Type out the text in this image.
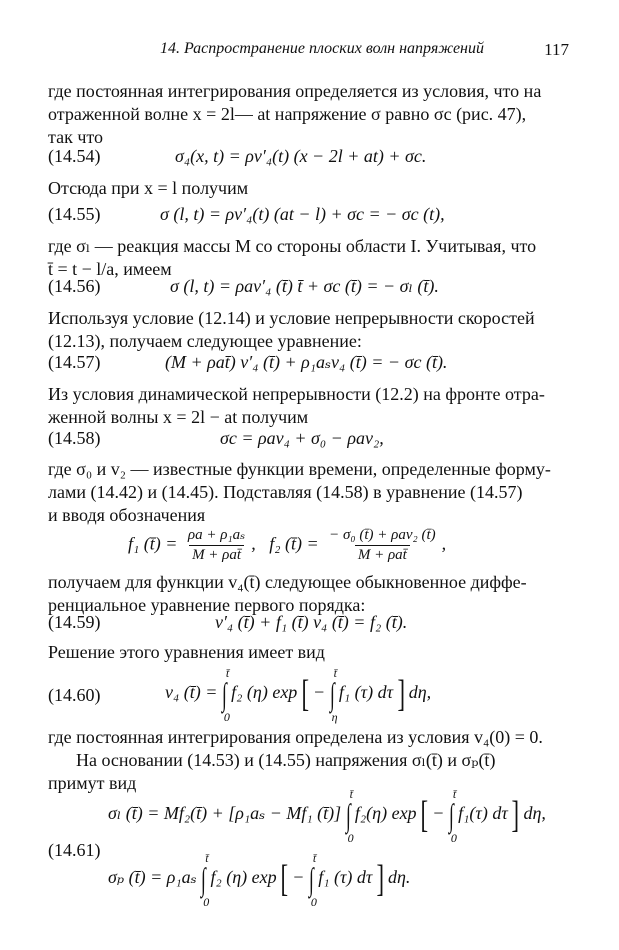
14. Распространение плоских волн напряжений	117
где постоянная интегрирования определяется из условия, что на
отраженной волне x = 2l— at напряжение σ равно σc (рис. 47),
так что
(14.54)	σ₄(x, t) = ρv′₄(t) (x − 2l + at) + σc.
Отсюда при x = l получим
(14.55)	σ (l, t) = ρv′₄(t) (at − l) + σc = − σc (t),
где σₗ — реакция массы M со стороны области I. Учитывая, что
t̄ = t − l/a, имеем
(14.56)	σ (l, t) = ρav′₄ (t̄) t̄ + σc (t̄) = − σₗ (t̄).
Используя условие (12.14) и условие непрерывности скоростей
(12.13), получаем следующее уравнение:
(14.57)	(M + ρat̄) v′₄ (t̄) + ρ₁aₛv₄ (t̄) = − σc (t̄).
Из условия динамической непрерывности (12.2) на фронте отра-
женной волны x = 2l − at получим
(14.58)	σc = ρav₄ + σ₀ − ρav₂,
где σ₀ и v₂ — известные функции времени, определенные форму-
лами (14.42) и (14.45). Подставляя (14.58) в уравнение (14.57)
и вводя обозначения
f₁ (t̄) = $\frac{\text{ρa + ρ₁aₛ}}{\text{M + ρat̄}}$ , f₂ (t̄) = $\frac{\text{− σ₀ (t̄) + ρav₂ (t̄)}}{\text{M + ρat̄}}$ ,
получаем для функции v₄(t̄) следующее обыкновенное диффе-
ренциальное уравнение первого порядка:
(14.59)	v′₄ (t̄) + f₁ (t̄) v₄ (t̄) = f₂ (t̄).
Решение этого уравнения имеет вид
(14.60)	v₄ (t̄) = ∫
t̄
0
f₂ (η) exp [ − ∫
t̄
η
f₁ (τ) dτ ] dη,
где постоянная интегрирования определена из условия v₄(0) = 0.
На основании (14.53) и (14.55) напряжения σₗ(t̄) и σₚ(t̄)
примут вид
(14.61)
σₗ (t̄) = Mf₂(t̄) + [ρ₁aₛ − Mf₁ (t̄)] ∫
t̄
0
f₂(η) exp [ − ∫
t̄
0
f₁(τ) dτ ] dη,
σₚ (t̄) = ρ₁aₛ ∫
t̄
0
f₂ (η) exp [ − ∫
t̄
0
f₁ (τ) dτ ] dη.
